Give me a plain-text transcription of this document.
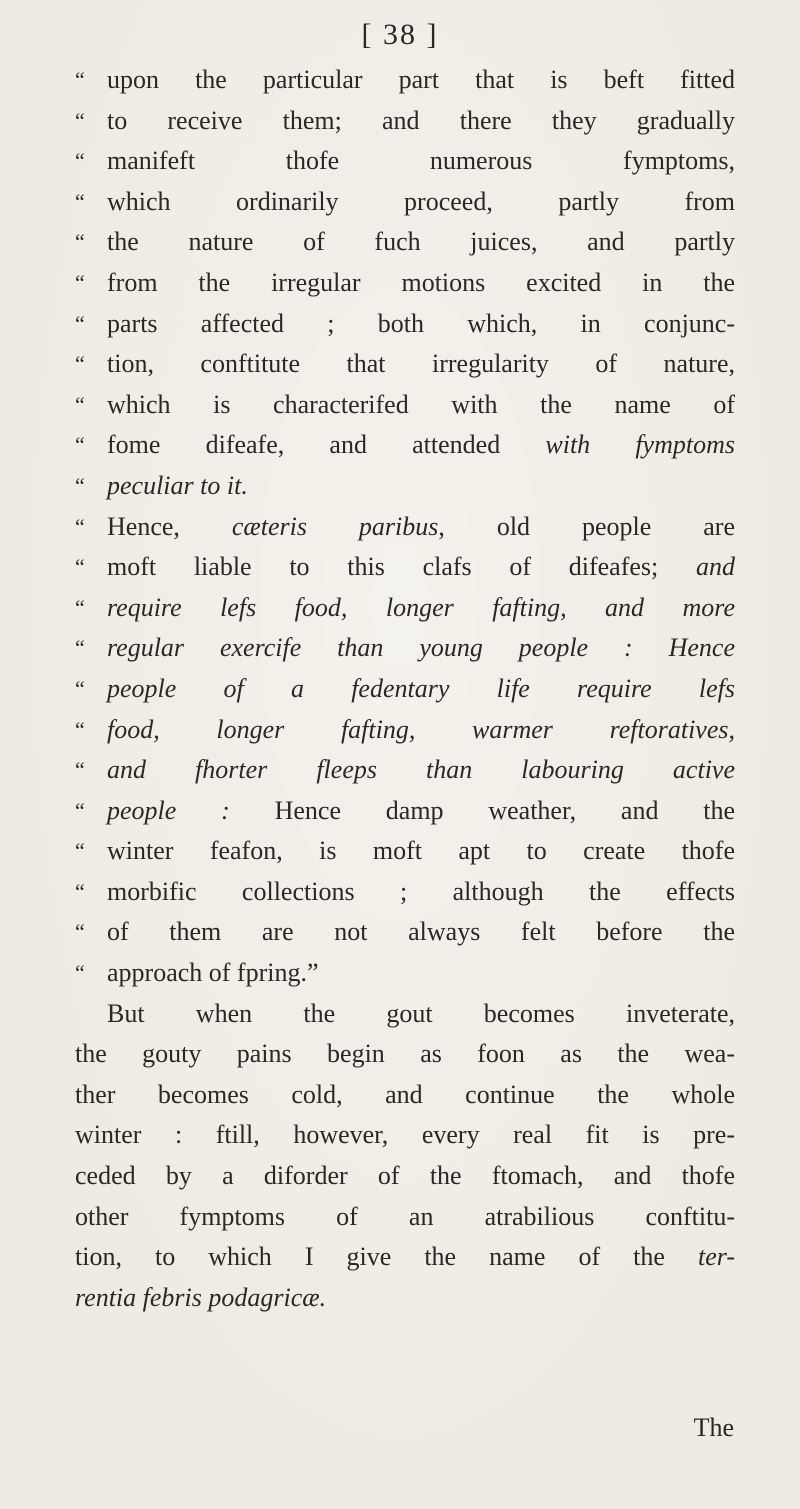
[ 38 ]
“ upon the particular part that is beft fitted
“ to receive them; and there they gradually
“ manifeft thofe numerous fymptoms,
“ which ordinarily proceed, partly from
“ the nature of fuch juices, and partly
“ from the irregular motions excited in the
“ parts affected ; both which, in conjunc-
“ tion, conftitute that irregularity of nature,
“ which is characterifed with the name of
“ fome difeafe, and attended with fymptoms
“ peculiar to it.
“ Hence, cæteris paribus, old people are
“ moft liable to this clafs of difeafes; and
“ require lefs food, longer fafting, and more
“ regular exercife than young people : Hence
“ people of a fedentary life require lefs
“ food, longer fafting, warmer reftoratives,
“ and fhorter fleeps than labouring active
“ people : Hence damp weather, and the
“ winter feafon, is moft apt to create thofe
“ morbific collections ; although the effects
“ of them are not always felt before the
“ approach of fpring.”
But when the gout becomes inveterate,
the gouty pains begin as foon as the wea-
ther becomes cold, and continue the whole
winter : ftill, however, every real fit is pre-
ceded by a diforder of the ftomach, and thofe
other fymptoms of an atrabilious conftitu-
tion, to which I give the name of the ter-
rentia febris podagricæ.
The
